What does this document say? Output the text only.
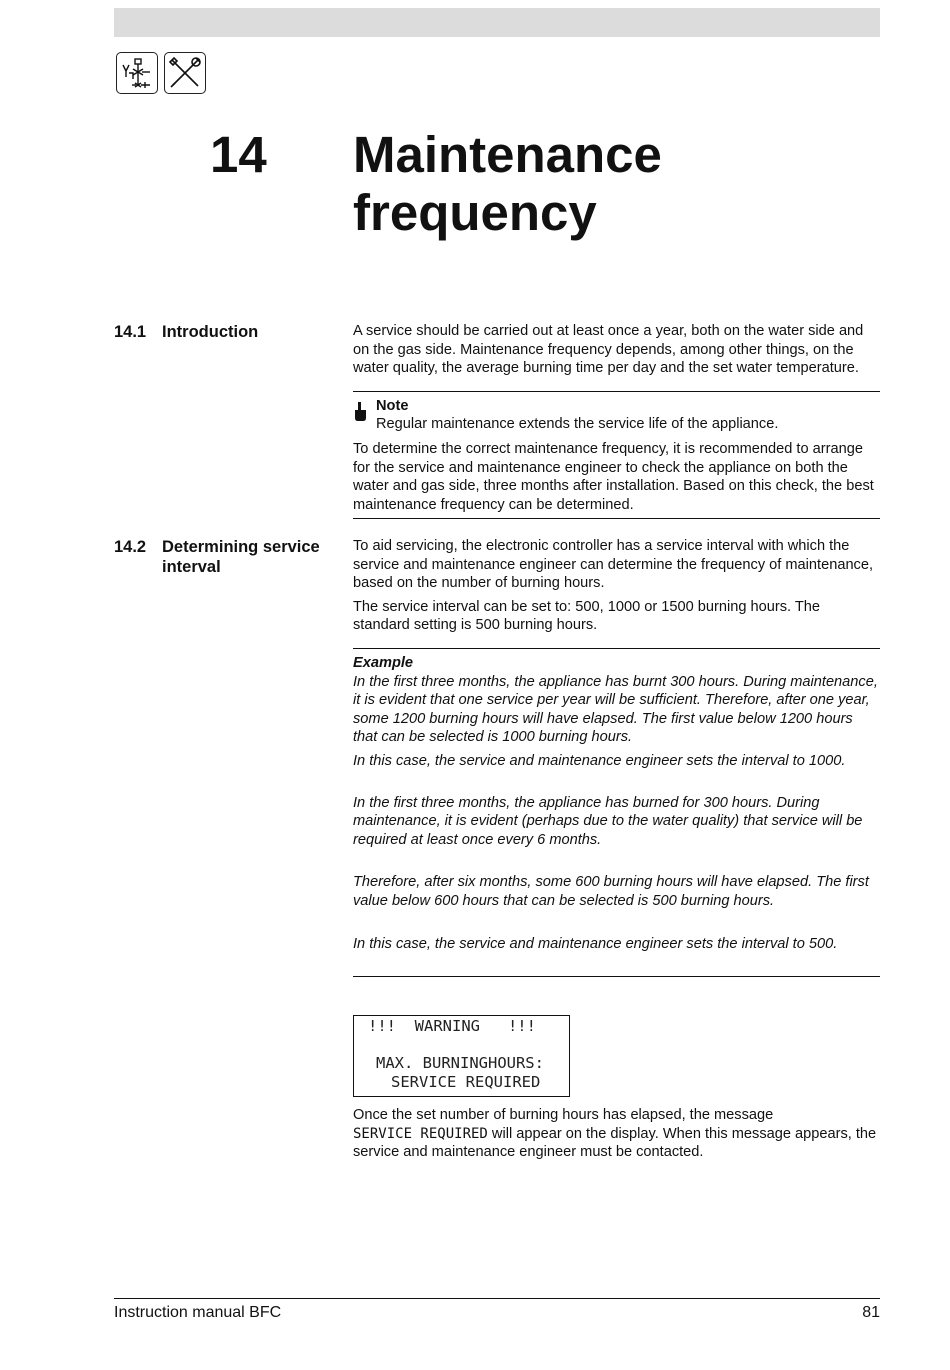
14 Maintenance
frequency
14.1 Introduction	A service should be carried out at least once a year, both on the water side and on the gas side. Maintenance frequency depends, among other things, on the water quality, the average burning time per day and the set water temperature.

Note
Regular maintenance extends the service life of the appliance.

To determine the correct maintenance frequency, it is recommended to arrange for the service and maintenance engineer to check the appliance on both the water and gas side, three months after installation. Based on this check, the best maintenance frequency can be determined.

14.2 Determining service interval

To aid servicing, the electronic controller has a service interval with which the service and maintenance engineer can determine the frequency of maintenance, based on the number of burning hours.

The service interval can be set to: 500, 1000 or 1500 burning hours. The standard setting is 500 burning hours.

Example

In the first three months, the appliance has burnt 300 hours. During maintenance, it is evident that one service per year will be sufficient. Therefore, after one year, some 1200 burning hours will have elapsed. The first value below 1200 hours that can be selected is 1000 burning hours.

In this case, the service and maintenance engineer sets the interval to 1000.

In the first three months, the appliance has burned for 300 hours. During maintenance, it is evident (perhaps due to the water quality) that service will be required at least once every 6 months.

Therefore, after six months, some 600 burning hours will have elapsed. The first value below 600 hours that can be selected is 500 burning hours.

In this case, the service and maintenance engineer sets the interval to 500.

!!!  WARNING   !!!
MAX. BURNINGHOURS:
SERVICE REQUIRED

Once the set number of burning hours has elapsed, the message
SERVICE REQUIRED will appear on the display. When this message appears, the service and maintenance engineer must be contacted.

Instruction manual BFC	81
